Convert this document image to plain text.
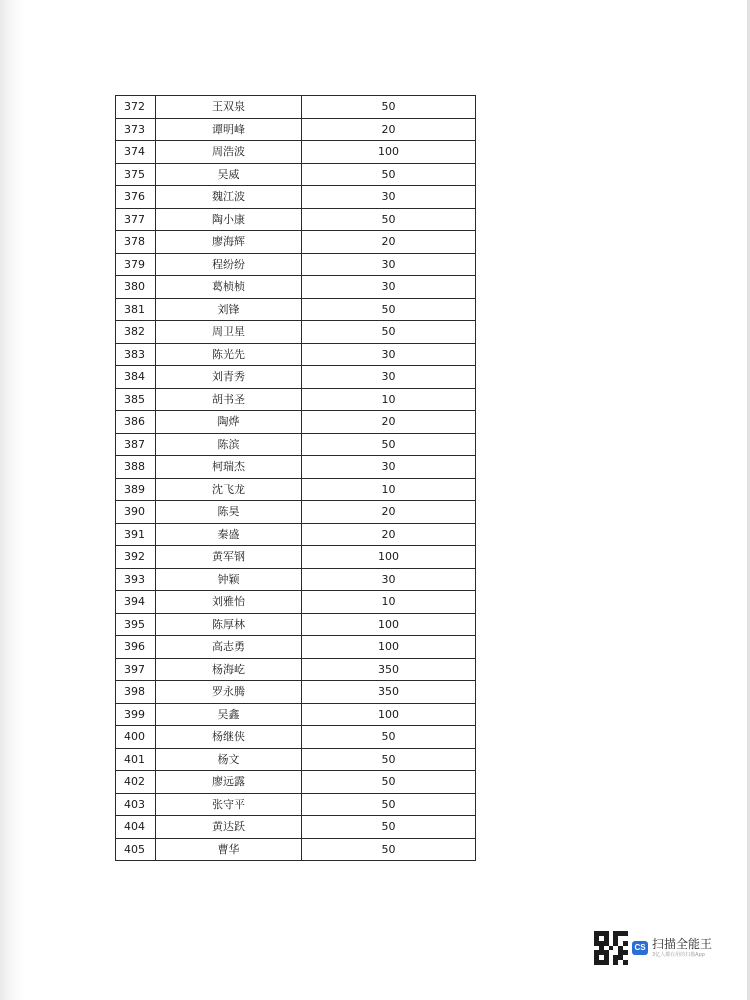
372	王双泉	50
373	谭明峰	20
374	周浩波	100
375	吴威	50
376	魏江波	30
377	陶小康	50
378	廖海辉	20
379	程纷纷	30
380	葛桢桢	30
381	刘锋	50
382	周卫星	50
383	陈光先	30
384	刘青秀	30
385	胡书圣	10
386	陶烨	20
387	陈滨	50
388	柯瑞杰	30
389	沈飞龙	10
390	陈昊	20
391	秦盛	20
392	黄军钢	100
393	钟颖	30
394	刘雅怡	10
395	陈厚林	100
396	高志勇	100
397	杨海屹	350
398	罗永腾	350
399	吴鑫	100
400	杨继侠	50
401	杨文	50
402	廖远露	50
403	张守平	50
404	黄达跃	50
405	曹华	50
CS 扫描全能王
3亿人都在用的扫描App
